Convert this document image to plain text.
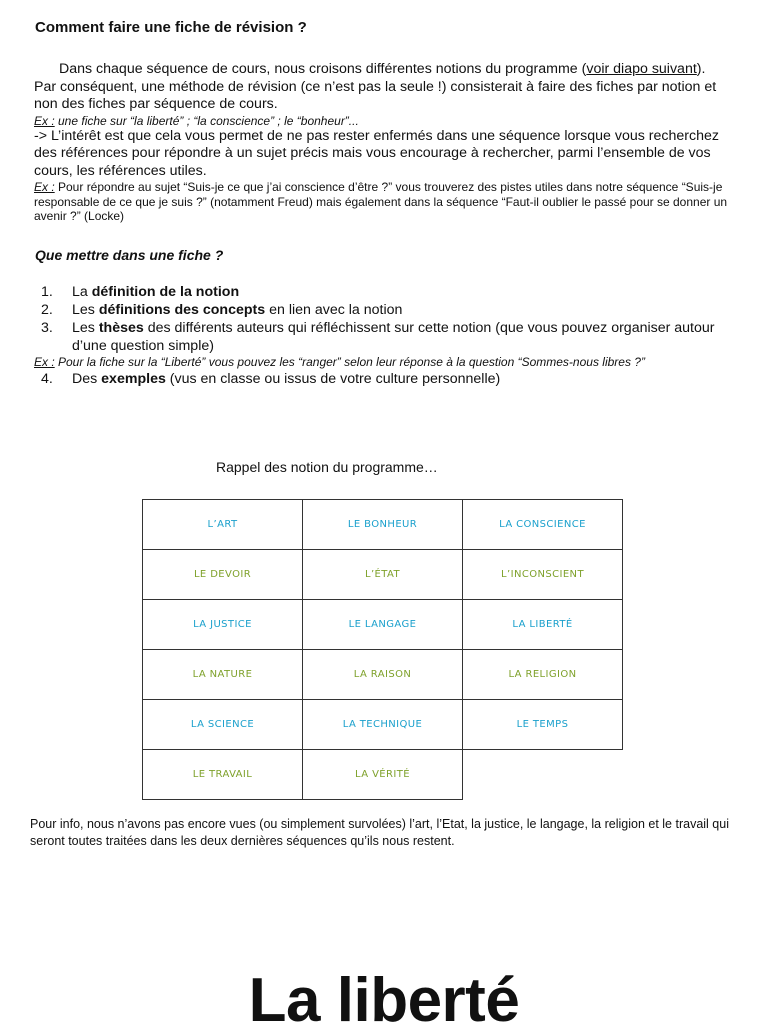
Comment faire une fiche de révision ?

Dans chaque séquence de cours, nous croisons différentes notions du programme (voir diapo suivant).

Par conséquent, une méthode de révision (ce n’est pas la seule !) consisterait à faire des fiches par notion et non des fiches par séquence de cours.

Ex : une fiche sur “la liberté” ; “la conscience” ; le “bonheur”...

-> L’intérêt est que cela vous permet de ne pas rester enfermés dans une séquence lorsque vous recherchez des références pour répondre à un sujet précis mais vous encourage à rechercher, parmi l’ensemble de vos cours, les références utiles.

Ex : Pour répondre au sujet “Suis-je ce que j’ai conscience d’être ?” vous trouverez des pistes utiles dans notre séquence “Suis-je responsable de ce que je suis ?” (notamment Freud) mais également dans la séquence “Faut-il oublier le passé pour se donner un avenir ?” (Locke)

Que mettre dans une fiche ?
1.	La définition de la notion
2.	Les définitions des concepts en lien avec la notion
3.	Les thèses des différents auteurs qui réfléchissent sur cette notion (que vous pouvez organiser autour d’une question simple)

Ex : Pour la fiche sur la “Liberté” vous pouvez les “ranger” selon leur réponse à la question “Sommes-nous libres ?”

4.	Des exemples (vus en classe ou issus de votre culture personnelle)
Rappel des notion du programme…
L’ART	LE BONHEUR	LA CONSCIENCE
LE DEVOIR	L’ÉTAT	L’INCONSCIENT
LA JUSTICE	LE LANGAGE	LA LIBERTÉ
LA NATURE	LA RAISON	LA RELIGION
LA SCIENCE	LA TECHNIQUE	LE TEMPS
LE TRAVAIL	LA VÉRITÉ	
Pour info, nous n’avons pas encore vues (ou simplement survolées) l’art, l’Etat, la justice, le langage, la religion et le travail qui seront toutes traitées dans les deux dernières séquences qu’ils nous restent.
La liberté
